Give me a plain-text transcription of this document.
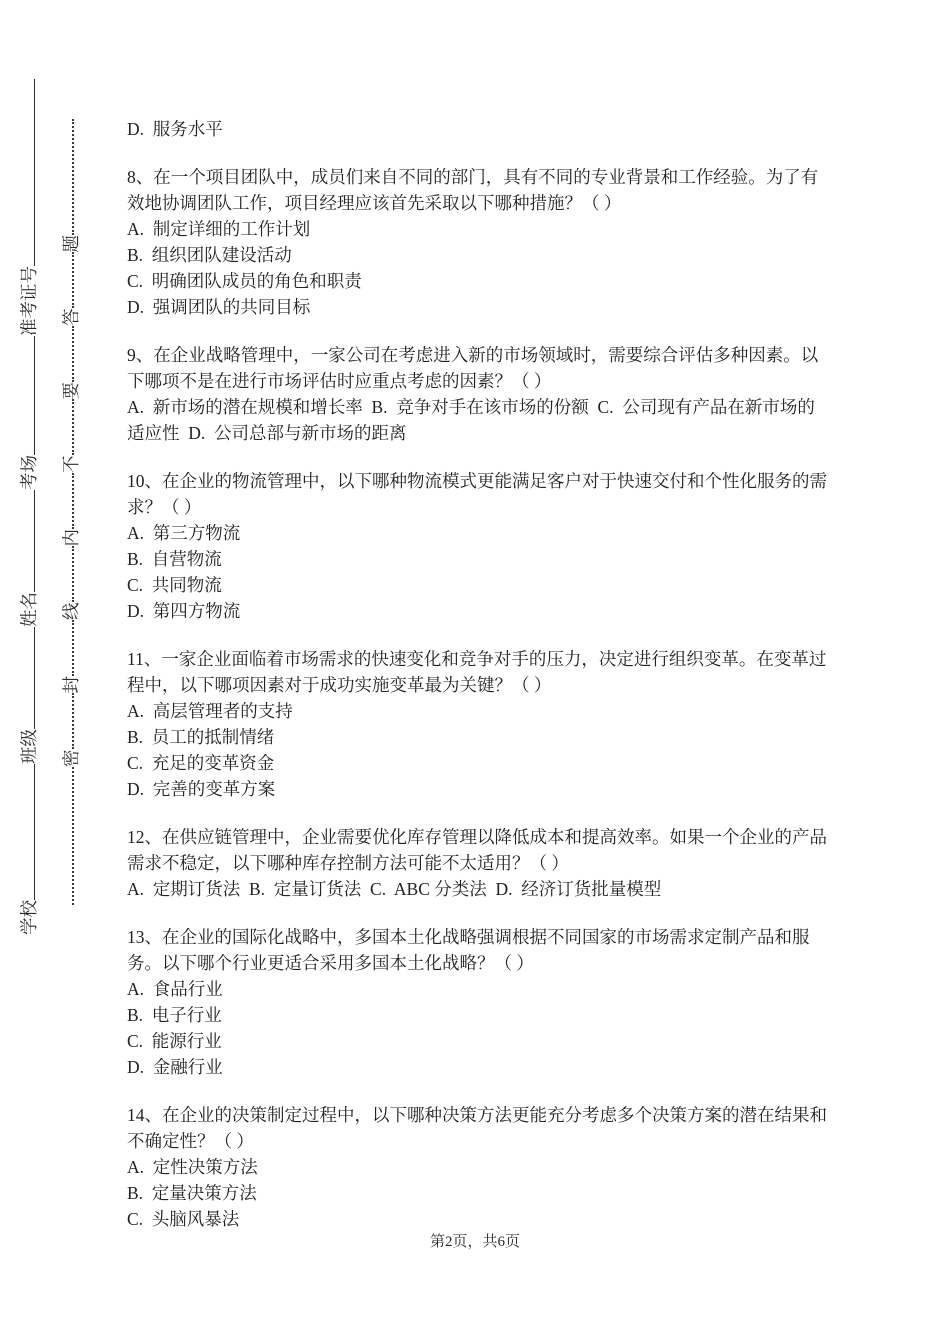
学校班级姓名考场准考证号
密封线内不要答题

D.  服务水平

8、在一个项目团队中，成员们来自不同的部门，具有不同的专业背景和工作经验。为了有效地协调团队工作，项目经理应该首先采取以下哪种措施？（ ）

A.  制定详细的工作计划

B.  组织团队建设活动

C.  明确团队成员的角色和职责

D.  强调团队的共同目标

9、在企业战略管理中，一家公司在考虑进入新的市场领域时，需要综合评估多种因素。以下哪项不是在进行市场评估时应重点考虑的因素？（ ）

A.  新市场的潜在规模和增长率  B.  竞争对手在该市场的份额  C.  公司现有产品在新市场的适应性  D.  公司总部与新市场的距离

10、在企业的物流管理中，以下哪种物流模式更能满足客户对于快速交付和个性化服务的需求？（ ）

A.  第三方物流

B.  自营物流

C.  共同物流

D.  第四方物流

11、一家企业面临着市场需求的快速变化和竞争对手的压力，决定进行组织变革。在变革过程中，以下哪项因素对于成功实施变革最为关键？（ ）

A.  高层管理者的支持

B.  员工的抵制情绪

C.  充足的变革资金

D.  完善的变革方案

12、在供应链管理中，企业需要优化库存管理以降低成本和提高效率。如果一个企业的产品需求不稳定，以下哪种库存控制方法可能不太适用？（ ）

A.  定期订货法  B.  定量订货法  C.  ABC 分类法  D.  经济订货批量模型

13、在企业的国际化战略中，多国本土化战略强调根据不同国家的市场需求定制产品和服务。以下哪个行业更适合采用多国本土化战略？（ ）

A.  食品行业

B.  电子行业

C.  能源行业

D.  金融行业

14、在企业的决策制定过程中，以下哪种决策方法更能充分考虑多个决策方案的潜在结果和不确定性？（ ）

A.  定性决策方法

B.  定量决策方法

C.  头脑风暴法

第2页，共6页
